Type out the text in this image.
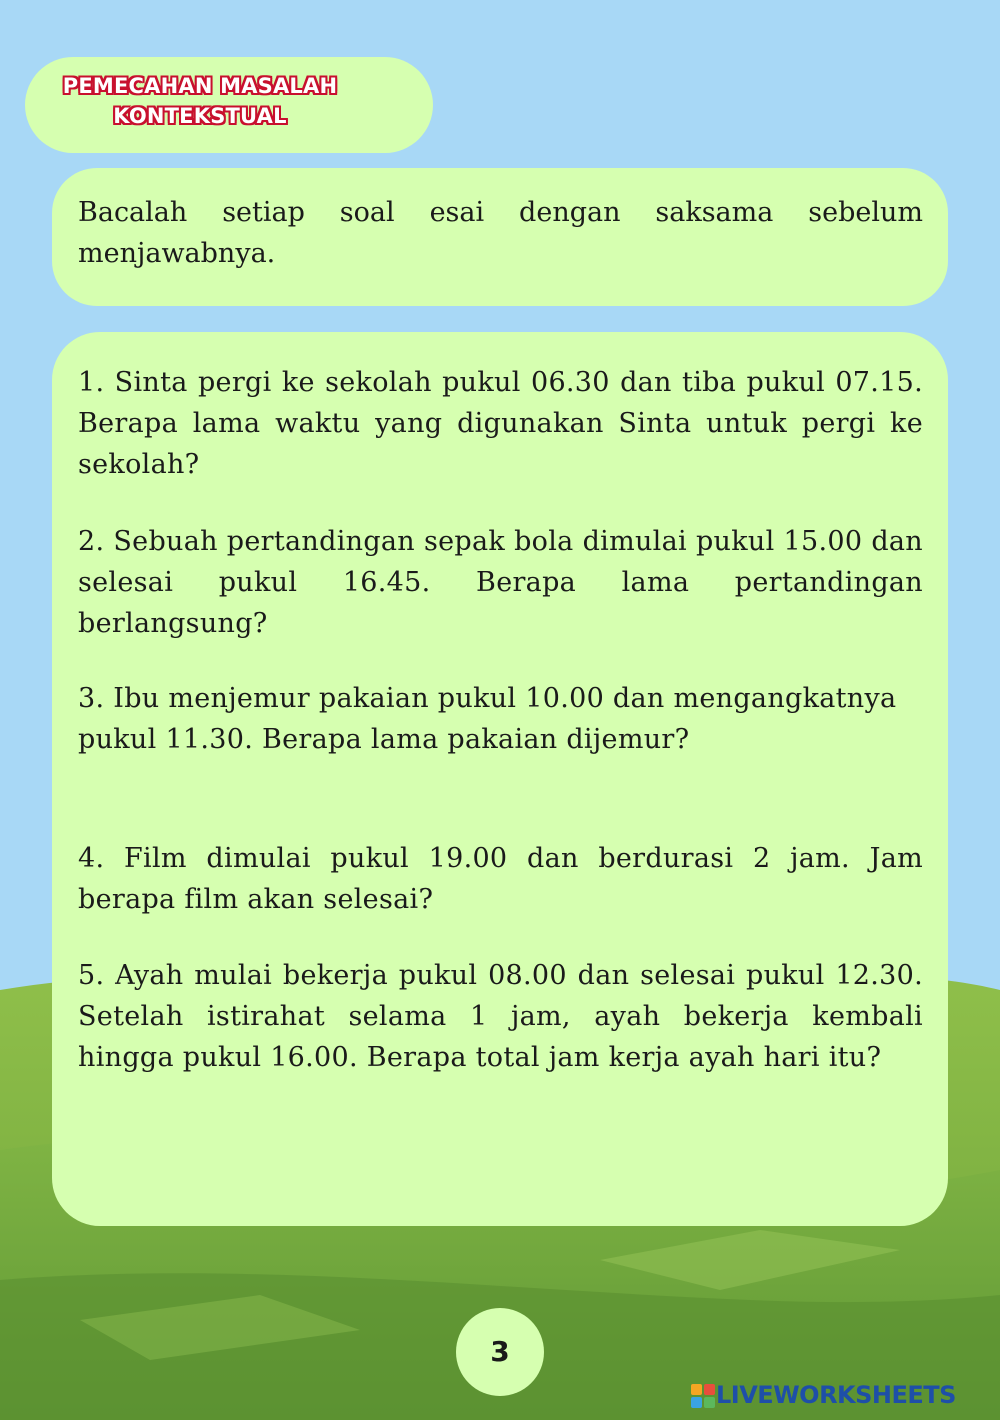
PEMECAHAN MASALAH
KONTEKSTUAL
Bacalah setiap soal esai dengan saksama sebelum menjawabnya.
1. Sinta pergi ke sekolah pukul 06.30 dan tiba pukul 07.15. Berapa lama waktu yang digunakan Sinta untuk pergi ke sekolah?
2. Sebuah pertandingan sepak bola dimulai pukul 15.00 dan selesai pukul 16.45. Berapa lama pertandingan berlangsung?
3. Ibu menjemur pakaian pukul 10.00 dan mengangkatnya pukul 11.30. Berapa lama pakaian dijemur?
4. Film dimulai pukul 19.00 dan berdurasi 2 jam. Jam berapa film akan selesai?
5. Ayah mulai bekerja pukul 08.00 dan selesai pukul 12.30. Setelah istirahat selama 1 jam, ayah bekerja kembali hingga pukul 16.00. Berapa total jam kerja ayah hari itu?
3
LIVEWORKSHEETS
